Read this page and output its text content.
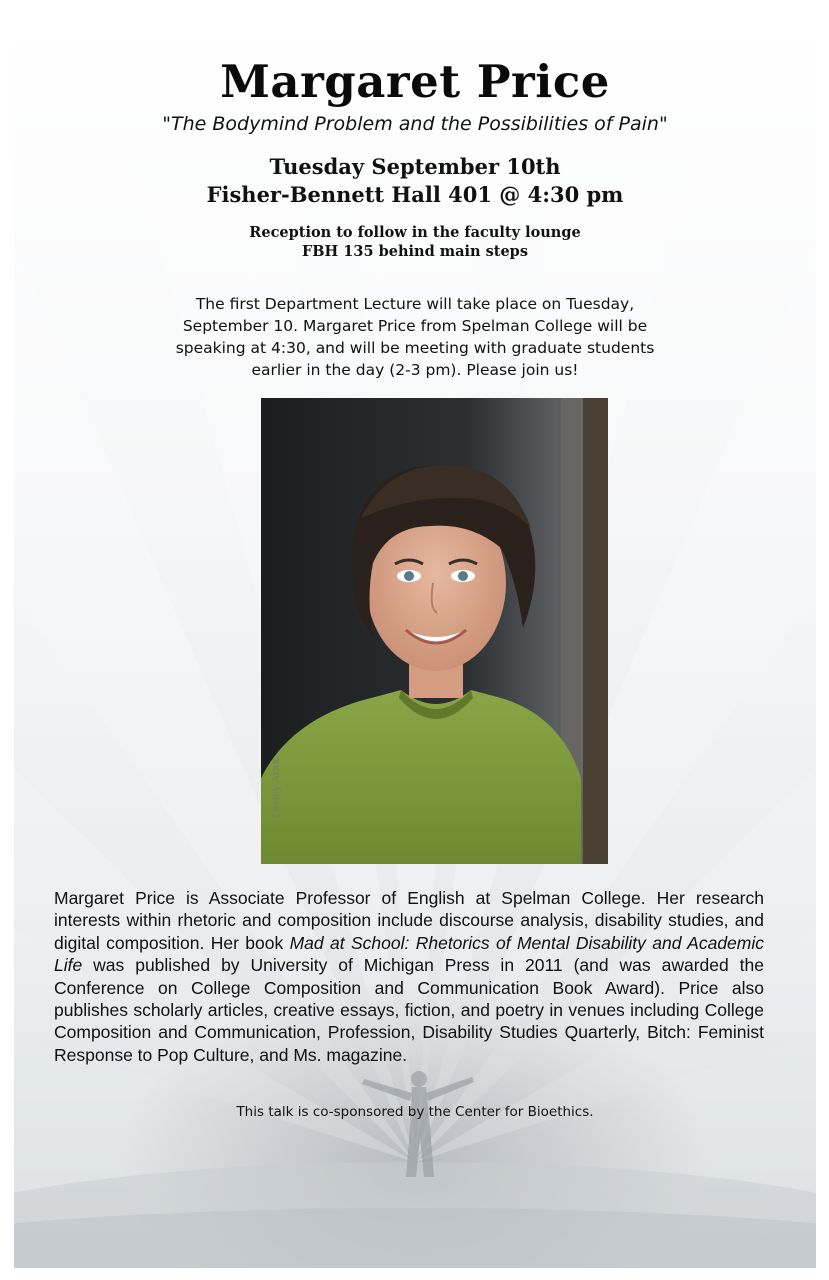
Margaret Price
"The Bodymind Problem and the Possibilities of Pain"
Tuesday September 10th
Fisher-Bennett Hall 401 @ 4:30 pm
Reception to follow in the faculty lounge
FBH 135 behind main steps
The first Department Lecture will take place on Tuesday, September 10. Margaret Price from Spelman College will be speaking at 4:30, and will be meeting with graduate students earlier in the day (2-3 pm). Please join us!
Lesley Arak
Margaret Price is Associate Professor of English at Spelman College. Her research interests within rhetoric and composition include discourse analysis, disability studies, and digital composition. Her book Mad at School: Rhetorics of Mental Disability and Academic Life was published by University of Michigan Press in 2011 (and was awarded the Conference on College Composition and Communication Book Award). Price also publishes scholarly articles, creative essays, fiction, and poetry in venues including College Composition and Communication, Profession, Disability Studies Quarterly, Bitch: Feminist Response to Pop Culture, and Ms. magazine.
This talk is co-sponsored by the Center for Bioethics.
